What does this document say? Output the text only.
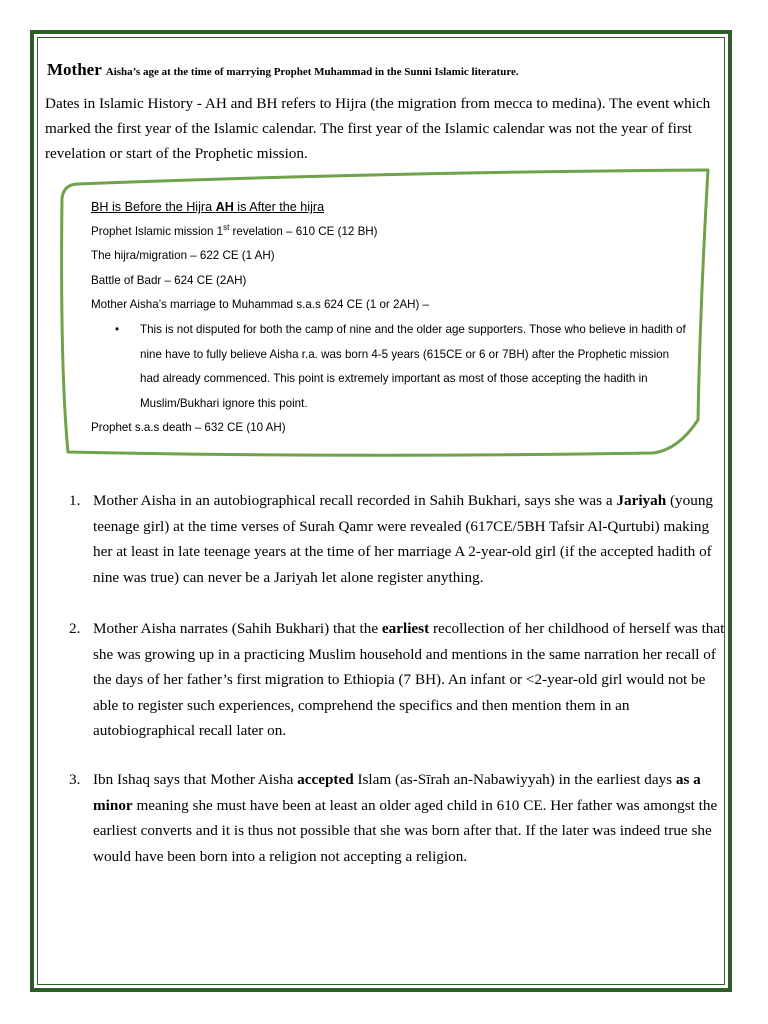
Mother Aisha’s age at the time of marrying Prophet Muhammad in the Sunni Islamic literature.
Dates in Islamic History - AH and BH refers to Hijra (the migration from mecca to medina). The event which marked the first year of the Islamic calendar. The first year of the Islamic calendar was not the year of first revelation or start of the Prophetic mission.
BH is Before the Hijra AH is After the hijra
Prophet Islamic mission 1st revelation – 610 CE (12 BH)
The hijra/migration – 622 CE (1 AH)
Battle of Badr – 624 CE (2AH)
Mother Aisha’s marriage to Muhammad s.a.s 624 CE (1 or 2AH) –
• This is not disputed for both the camp of nine and the older age supporters. Those who believe in hadith of nine have to fully believe Aisha r.a. was born 4-5 years (615CE or 6 or 7BH) after the Prophetic mission had already commenced. This point is extremely important as most of those accepting the hadith in Muslim/Bukhari ignore this point.
Prophet s.a.s death – 632 CE (10 AH)
1. Mother Aisha in an autobiographical recall recorded in Sahih Bukhari, says she was a Jariyah (young teenage girl) at the time verses of Surah Qamr were revealed (617CE/5BH Tafsir Al-Qurtubi) making her at least in late teenage years at the time of her marriage A 2-year-old girl (if the accepted hadith of nine was true) can never be a Jariyah let alone register anything.
2. Mother Aisha narrates (Sahih Bukhari) that the earliest recollection of her childhood of herself was that she was growing up in a practicing Muslim household and mentions in the same narration her recall of the days of her father’s first migration to Ethiopia (7 BH). An infant or <2-year-old girl would not be able to register such experiences, comprehend the specifics and then mention them in an autobiographical recall later on.
3. Ibn Ishaq says that Mother Aisha accepted Islam (as-Sīrah an-Nabawiyyah) in the earliest days as a minor meaning she must have been at least an older aged child in 610 CE. Her father was amongst the earliest converts and it is thus not possible that she was born after that. If the later was indeed true she would have been born into a religion not accepting a religion.
